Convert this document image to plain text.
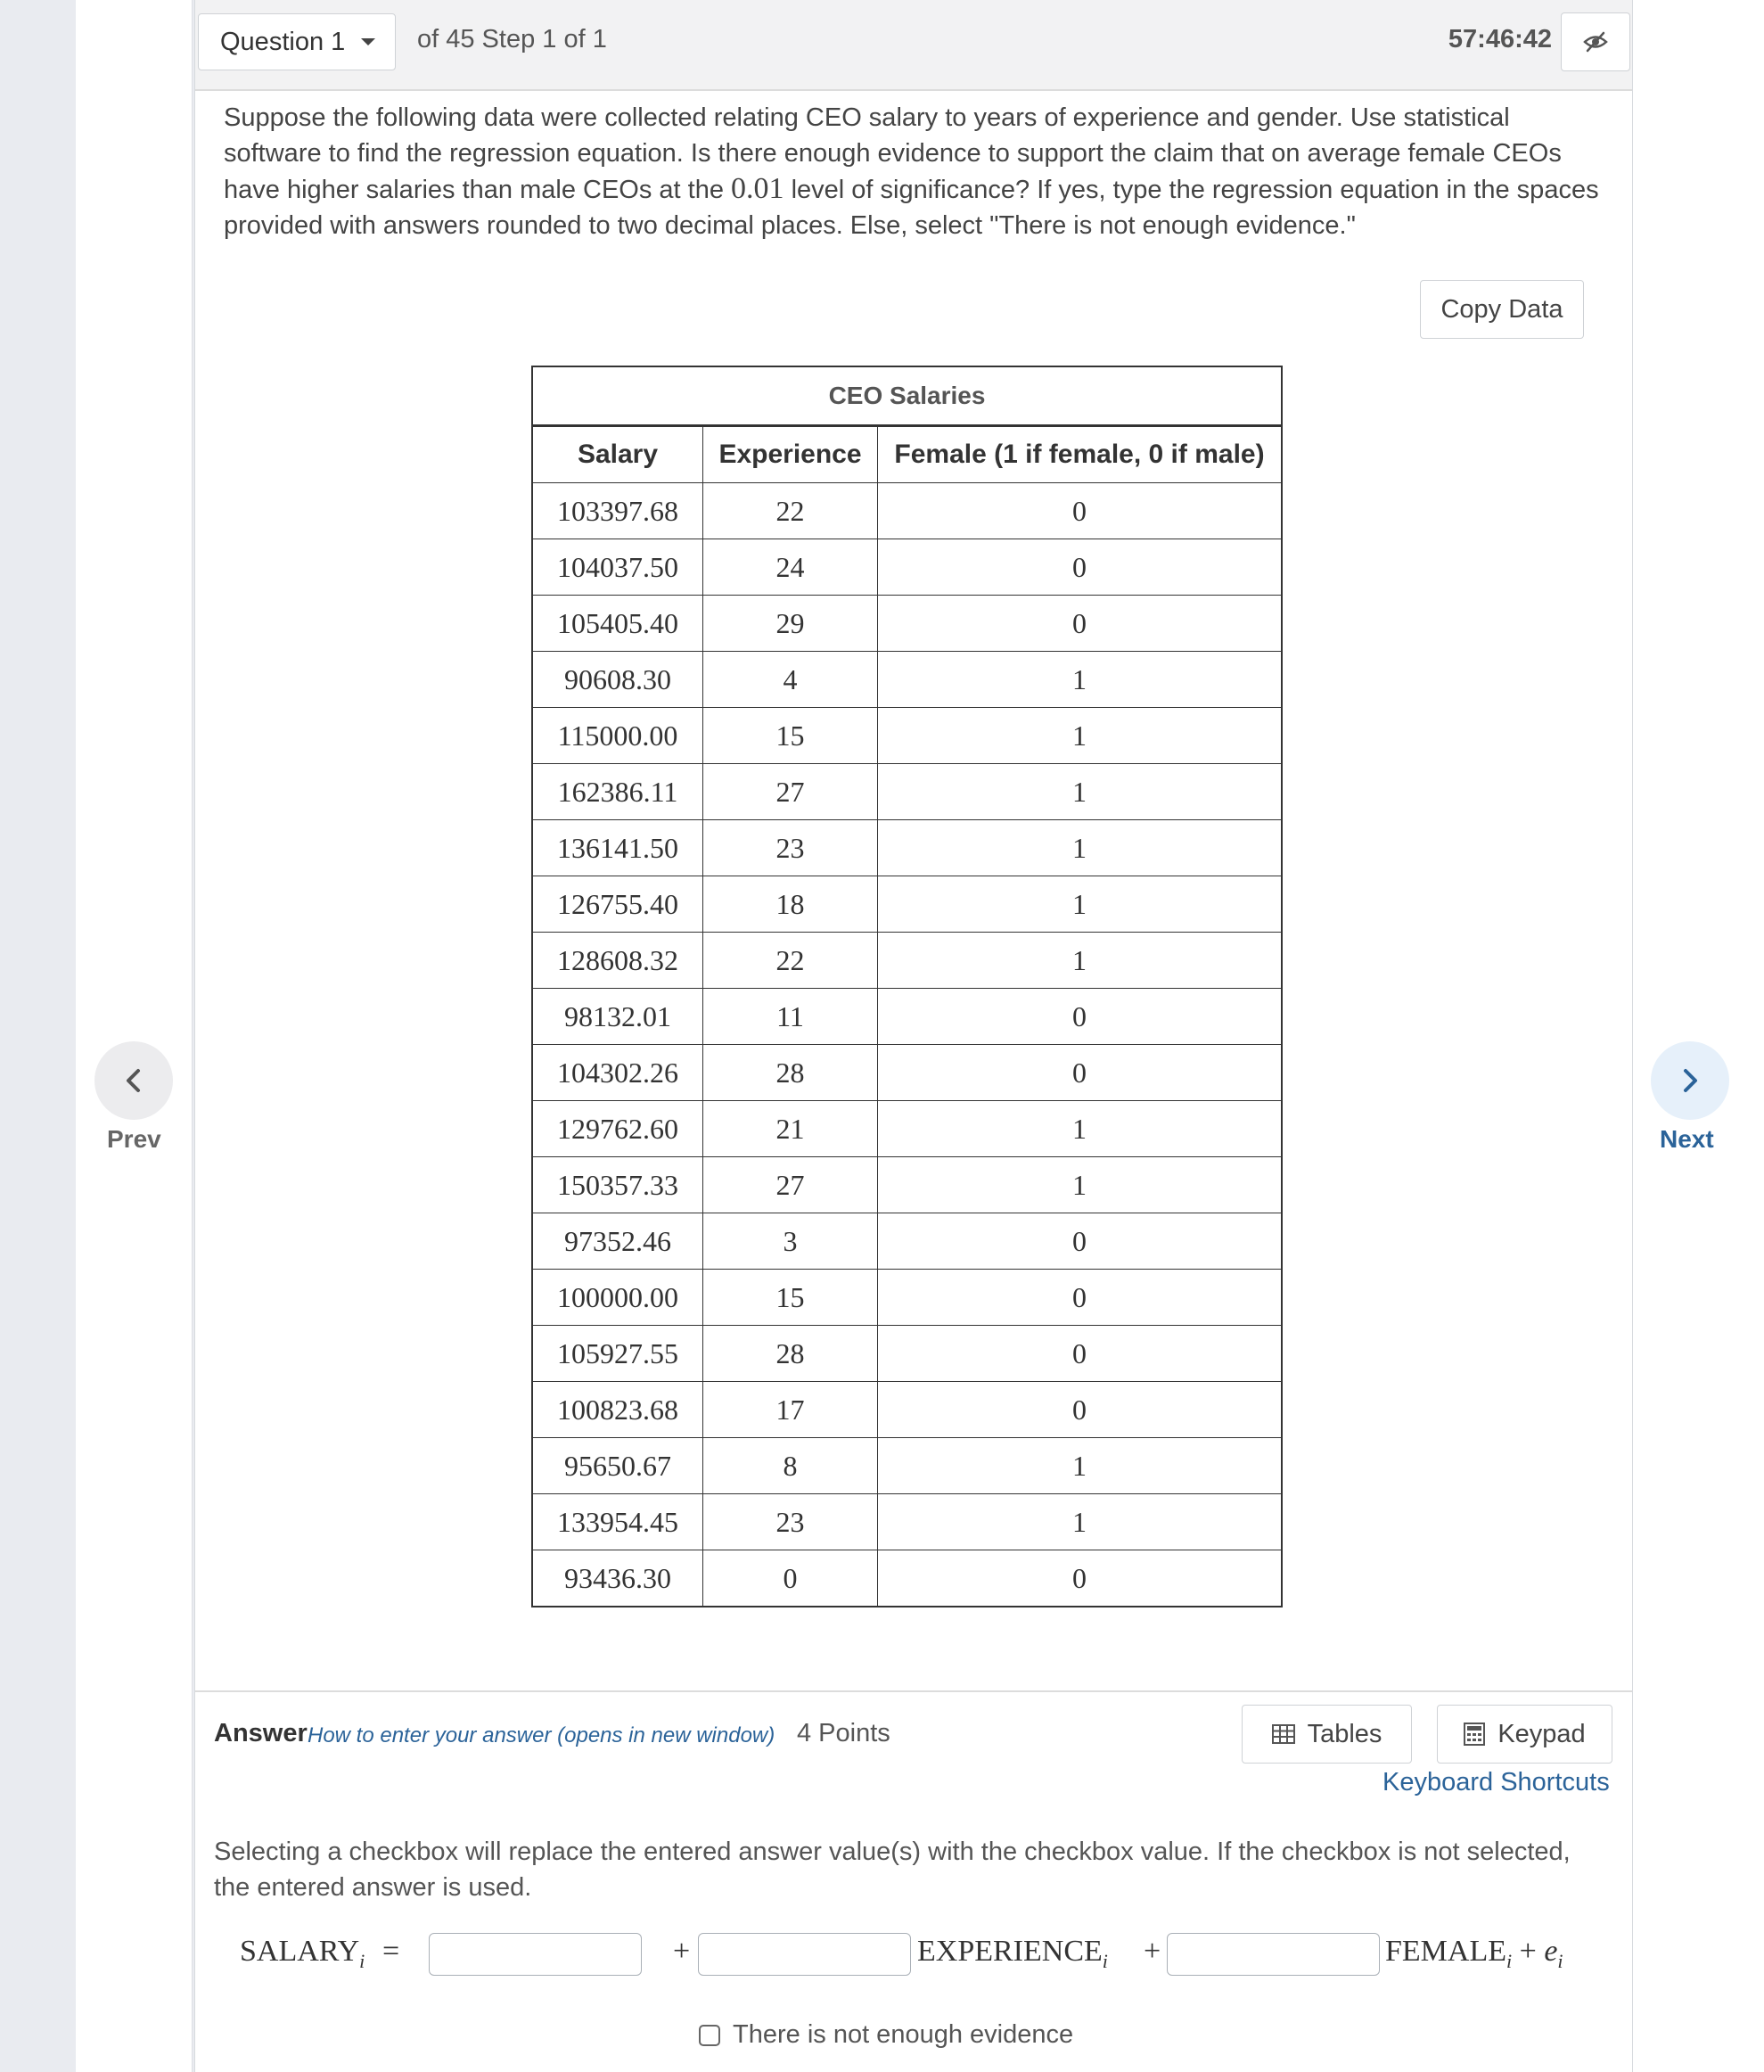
Prev	Next
Question 1	of 45 Step 1 of 1	57:46:42

Suppose the following data were collected relating CEO salary to years of experience and gender. Use statistical software to find the regression equation. Is there enough evidence to support the claim that on average female CEOs have higher salaries than male CEOs at the 0.01 level of significance? If yes, type the regression equation in the spaces provided with answers rounded to two decimal places. Else, select "There is not enough evidence."

Copy Data
CEO Salaries		
Salary	Experience	Female (1 if female, 0 if male)
103397.68	22	0
104037.50	24	0
105405.40	29	0
90608.30	4	1
115000.00	15	1
162386.11	27	1
136141.50	23	1
126755.40	18	1
128608.32	22	1
98132.01	11	0
104302.26	28	0
129762.60	21	1
150357.33	27	1
97352.46	3	0
100000.00	15	0
105927.55	28	0
100823.68	17	0
95650.67	8	1
133954.45	23	1
93436.30	0	0
Answer How to enter your answer (opens in new window) 4 Points	Tables	Keypad
Keyboard Shortcuts

Selecting a checkbox will replace the entered answer value(s) with the checkbox value. If the checkbox is not selected, the entered answer is used.

$SALARY_i$ =	+	$EXPERIENCE_i$ +	$FEMALE_i + e_i$
There is not enough evidence
